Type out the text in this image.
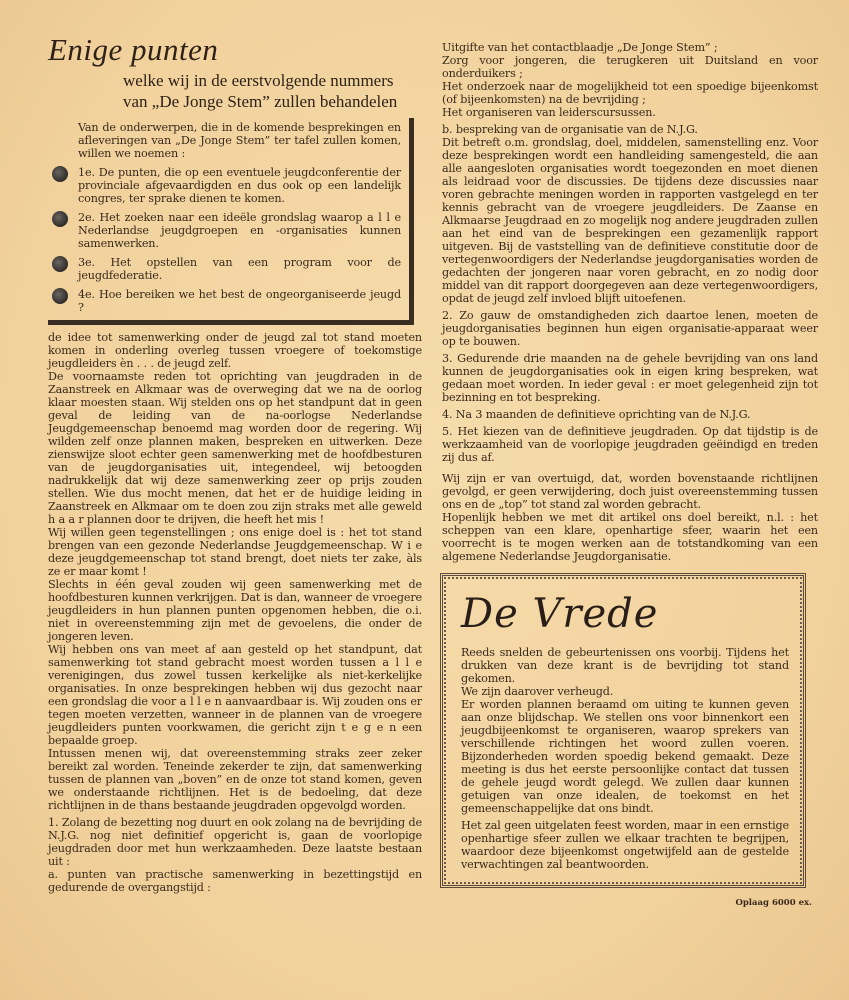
Enige punten
welke wij in de eerstvolgende nummers
van „De Jonge Stem” zullen behandelen

Van de onderwerpen, die in de komende besprekingen en afleveringen van „De Jonge Stem” ter tafel zullen komen, willen we noemen :

1e. De punten, die op een eventuele jeugdconferentie der provinciale afgevaardigden en dus ook op een landelijk congres, ter sprake dienen te komen.

2e. Het zoeken naar een ideële grondslag waarop a l l e Nederlandse jeugdgroepen en -organisaties kunnen samenwerken.

3e. Het opstellen van een program voor de jeugdfederatie.

4e. Hoe bereiken we het best de ongeorganiseerde jeugd ?

de idee tot samenwerking onder de jeugd zal tot stand moeten komen in onderling overleg tussen vroegere of toekomstige jeugdleiders èn . . . de jeugd zelf.

De voornaamste reden tot oprichting van jeugdraden in de Zaanstreek en Alkmaar was de overweging dat we na de oorlog klaar moesten staan. Wij stelden ons op het standpunt dat in geen geval de leiding van de na-oorlogse Nederlandse Jeugdgemeenschap benoemd mag worden door de regering. Wij wilden zelf onze plannen maken, bespreken en uitwerken. Deze zienswijze sloot echter geen samenwerking met de hoofdbesturen van de jeugdorganisaties uit, integendeel, wij betoogden nadrukkelijk dat wij deze samenwerking zeer op prijs zouden stellen. Wie dus mocht menen, dat het er de huidige leiding in Zaanstreek en Alkmaar om te doen zou zijn straks met alle geweld h a a r plannen door te drijven, die heeft het mis !

Wij willen geen tegenstellingen ; ons enige doel is : het tot stand brengen van een gezonde Nederlandse Jeugdgemeenschap. W i e deze jeugdgemeenschap tot stand brengt, doet niets ter zake, àls ze er maar komt !

Slechts in één geval zouden wij geen samenwerking met de hoofdbesturen kunnen verkrijgen. Dat is dan, wanneer de vroegere jeugdleiders in hun plannen punten opgenomen hebben, die o.i. niet in overeenstemming zijn met de gevoelens, die onder de jongeren leven.

Wij hebben ons van meet af aan gesteld op het standpunt, dat samenwerking tot stand gebracht moest worden tussen a l l e verenigingen, dus zowel tussen kerkelijke als niet-kerkelijke organisaties. In onze besprekingen hebben wij dus gezocht naar een grondslag die voor a l l e n aanvaardbaar is. Wij zouden ons er tegen moeten verzetten, wanneer in de plannen van de vroegere jeugdleiders punten voorkwamen, die gericht zijn t e g e n een bepaalde groep.

Intussen menen wij, dat overeenstemming straks zeer zeker bereikt zal worden. Teneinde zekerder te zijn, dat samenwerking tussen de plannen van „boven” en de onze tot stand komen, geven we onderstaande richtlijnen. Het is de bedoeling, dat deze richtlijnen in de thans bestaande jeugdraden opgevolgd worden.

1. Zolang de bezetting nog duurt en ook zolang na de bevrijding de N.J.G. nog niet definitief opgericht is, gaan de voorlopige jeugdraden door met hun werkzaamheden. Deze laatste bestaan uit :

a. punten van practische samenwerking in bezettingstijd en gedurende de overgangstijd :

Uitgifte van het contactblaadje „De Jonge Stem” ;

Zorg voor jongeren, die terugkeren uit Duitsland en voor onderduikers ;

Het onderzoek naar de mogelijkheid tot een spoedige bijeenkomst (of bijeenkomsten) na de bevrijding ;

Het organiseren van leiderscursussen.

b. bespreking van de organisatie van de N.J.G.

Dit betreft o.m. grondslag, doel, middelen, samenstelling enz. Voor deze besprekingen wordt een handleiding samengesteld, die aan alle aangesloten organisaties wordt toegezonden en moet dienen als leidraad voor de discussies. De tijdens deze discussies naar voren gebrachte meningen worden in rapporten vastgelegd en ter kennis gebracht van de vroegere jeugdleiders. De Zaanse en Alkmaarse Jeugdraad en zo mogelijk nog andere jeugdraden zullen aan het eind van de besprekingen een gezamenlijk rapport uitgeven. Bij de vaststelling van de definitieve constitutie door de vertegenwoordigers der Nederlandse jeugdorganisaties worden de gedachten der jongeren naar voren gebracht, en zo nodig door middel van dit rapport doorgegeven aan deze vertegenwoordigers, opdat de jeugd zelf invloed blijft uitoefenen.

2. Zo gauw de omstandigheden zich daartoe lenen, moeten de jeugdorganisaties beginnen hun eigen organisatie-apparaat weer op te bouwen.

3. Gedurende drie maanden na de gehele bevrijding van ons land kunnen de jeugdorganisaties ook in eigen kring bespreken, wat gedaan moet worden. In ieder geval : er moet gelegenheid zijn tot bezinning en tot bespreking.

4. Na 3 maanden de definitieve oprichting van de N.J.G.

5. Het kiezen van de definitieve jeugdraden. Op dat tijdstip is de werkzaamheid van de voorlopige jeugdraden geëindigd en treden zij dus af.

Wij zijn er van overtuigd, dat, worden bovenstaande richtlijnen gevolgd, er geen verwijdering, doch juist overeenstemming tussen ons en de „top” tot stand zal worden gebracht.

Hopenlijk hebben we met dit artikel ons doel bereikt, n.l. : het scheppen van een klare, openhartige sfeer, waarin het een voorrecht is te mogen werken aan de totstandkoming van een algemene Nederlandse Jeugdorganisatie.

De Vrede

Reeds snelden de gebeurtenissen ons voorbij. Tijdens het drukken van deze krant is de bevrijding tot stand gekomen.

We zijn daarover verheugd.

Er worden plannen beraamd om uiting te kunnen geven aan onze blijdschap. We stellen ons voor binnenkort een jeugdbijeenkomst te organiseren, waarop sprekers van verschillende richtingen het woord zullen voeren. Bijzonderheden worden spoedig bekend gemaakt. Deze meeting is dus het eerste persoonlijke contact dat tussen de gehele jeugd wordt gelegd. We zullen daar kunnen getuigen van onze idealen, de toekomst en het gemeenschappelijke dat ons bindt.

Het zal geen uitgelaten feest worden, maar in een ernstige openhartige sfeer zullen we elkaar trachten te begrijpen, waardoor deze bijeenkomst ongetwijfeld aan de gestelde verwachtingen zal beantwoorden.

Oplaag 6000 ex.
